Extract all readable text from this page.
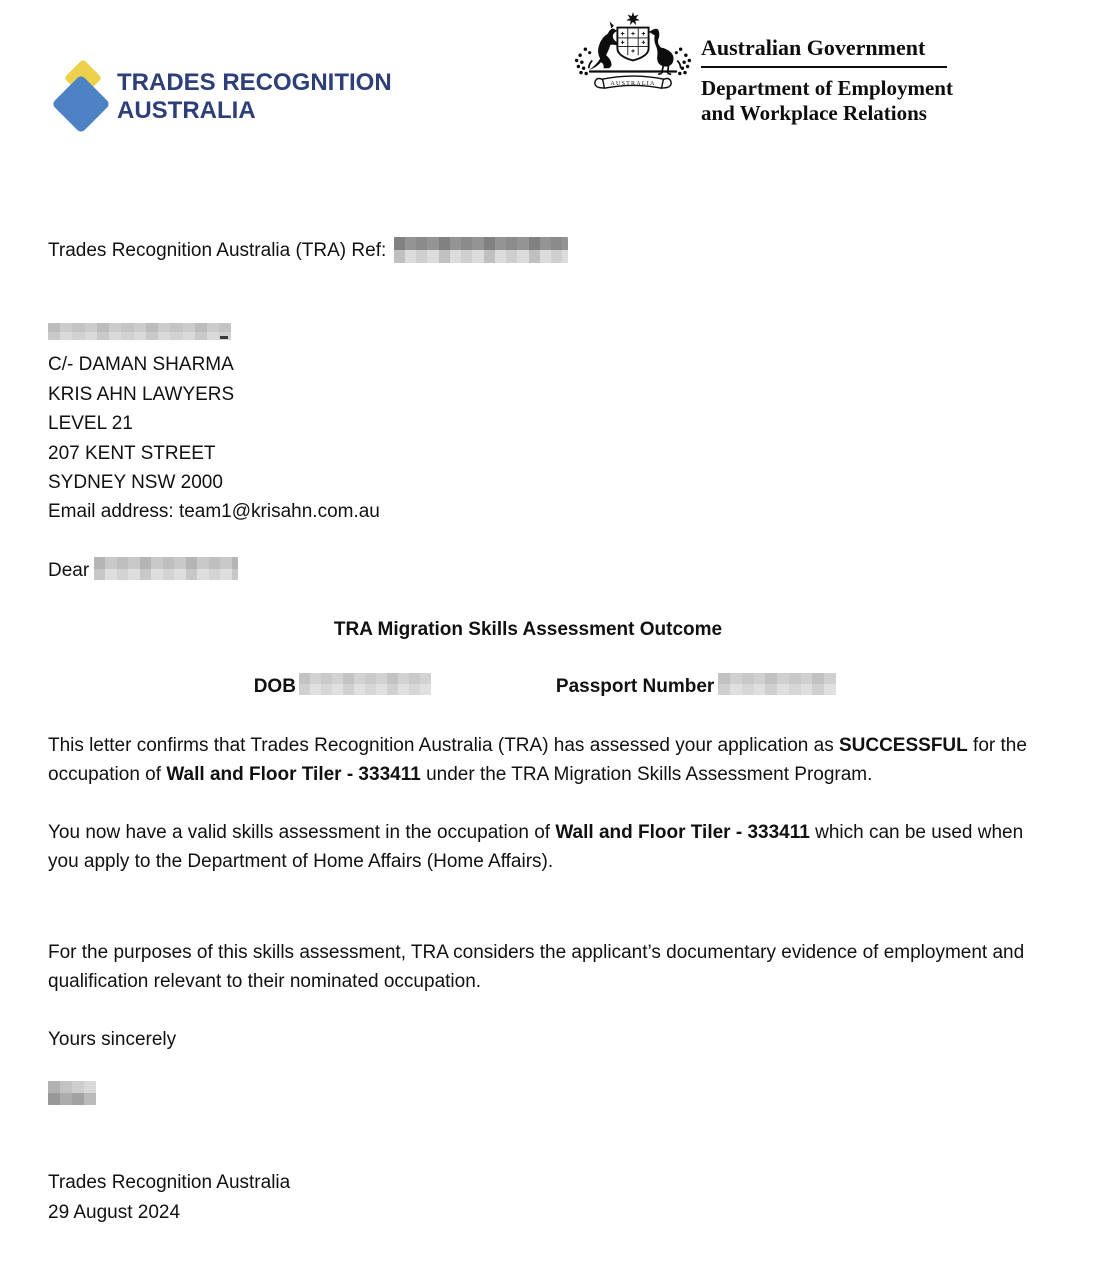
TRADES RECOGNITION
AUSTRALIA
AUSTRALIA
Australian Government
Department of Employment
and Workplace Relations
Trades Recognition Australia (TRA) Ref:
C/- DAMAN SHARMA
KRIS AHN LAWYERS
LEVEL 21
207 KENT STREET
SYDNEY NSW 2000
Email address: team1@krisahn.com.au
Dear
TRA Migration Skills Assessment Outcome
DOB	Passport Number
This letter confirms that Trades Recognition Australia (TRA) has assessed your application as SUCCESSFUL for the occupation of Wall and Floor Tiler - 333411 under the TRA Migration Skills Assessment Program.
You now have a valid skills assessment in the occupation of Wall and Floor Tiler - 333411 which can be used when you apply to the Department of Home Affairs (Home Affairs).
For the purposes of this skills assessment, TRA considers the applicant’s documentary evidence of employment and qualification relevant to their nominated occupation.
Yours sincerely
Trades Recognition Australia
29 August 2024
